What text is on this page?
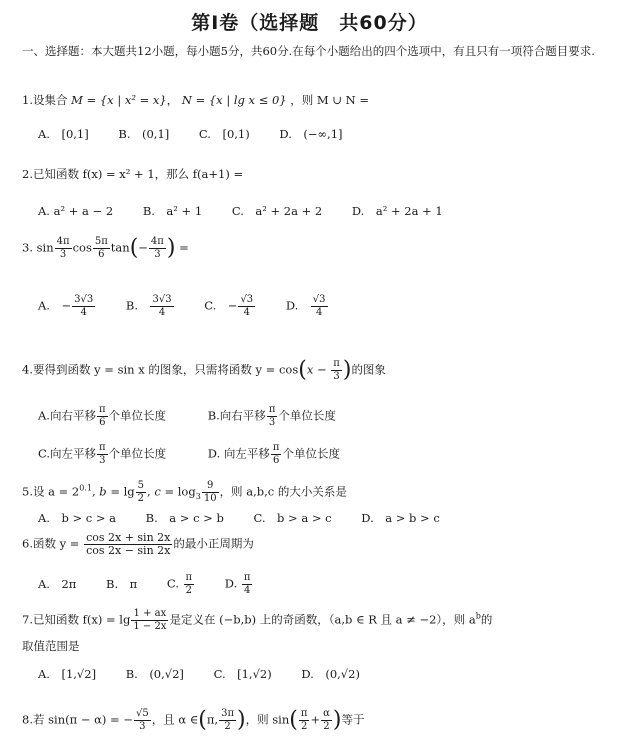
第Ⅰ卷（选择题　共60分）
一、选择题：本大题共12小题，每小题5分，共60分.在每个小题给出的四个选项中，有且只有一项符合题目要求.
1.设集合 M = {x | x² = x}， N = {x | lg x ≤ 0} ，则 M ∪ N =
A.　[0,1]	B.　(0,1]	C.　[0,1)	D.　(−∞,1]
2.已知函数 f(x) = x² + 1，那么 f(a+1) =
A. a² + a − 2	B.　a² + 1	C.　a² + 2a + 2	D.　a² + 2a + 1
3. $\sin \frac{4\pi}{3}$ $\cos \frac{5\pi}{6} \tan(- \frac{4\pi}{3}$ ) =
A.　− $\frac{3√3}{4}$	B.　 $\frac{3√3}{4}$	C.　− $\frac{√3}{4}$	D.　 $\frac{√3}{4}$
4.要得到函数 y = sin x 的图象，只需将函数 $y = \cos(x - \frac{\pi}{3}$ )的图象
A.向右平移 $\frac{\pi}{6}$ 个单位长度	B.向右平移 $\frac{\pi}{3}$ 个单位长度
C.向左平移 $\frac{\pi}{3}$ 个单位长度	D. 向左平移 $\frac{\pi}{6}$ 个单位长度
5.设 $a = 2^{0.1}$, $b = \lg \frac{5}{2}$ , $c = \log_3 \frac{9}{10}$ ，则 a,b,c 的大小关系是
A.　b > c > a	B.　a > c > b	C.　b > a > c	D.　a > b > c
6.函数 $y = \frac{\cos 2x + \sin 2x}{\cos 2x - \sin 2x}$ 的最小正周期为
A.　2π	B.　π	C. $\frac{\pi}{2}$	D. $\frac{\pi}{4}$
7.已知函数 $f(x) = \lg \frac{1 + ax}{1 - 2x}$ 是定义在 (−b,b) 上的奇函数，（a,b ∈ R 且 a ≠ −2），则 $a^b$的
取值范围是
A.　[1,√2]	B.　(0,√2]	C.　[1,√2)	D.　(0,√2)
8.若 sin(π − α) = − $\frac{√5}{3}$ ，且 α ∈(π, $\frac{3\pi}{2}$ )，则 $\sin( \frac{\pi}{2} + \frac{\alpha}{2}$ )等于
